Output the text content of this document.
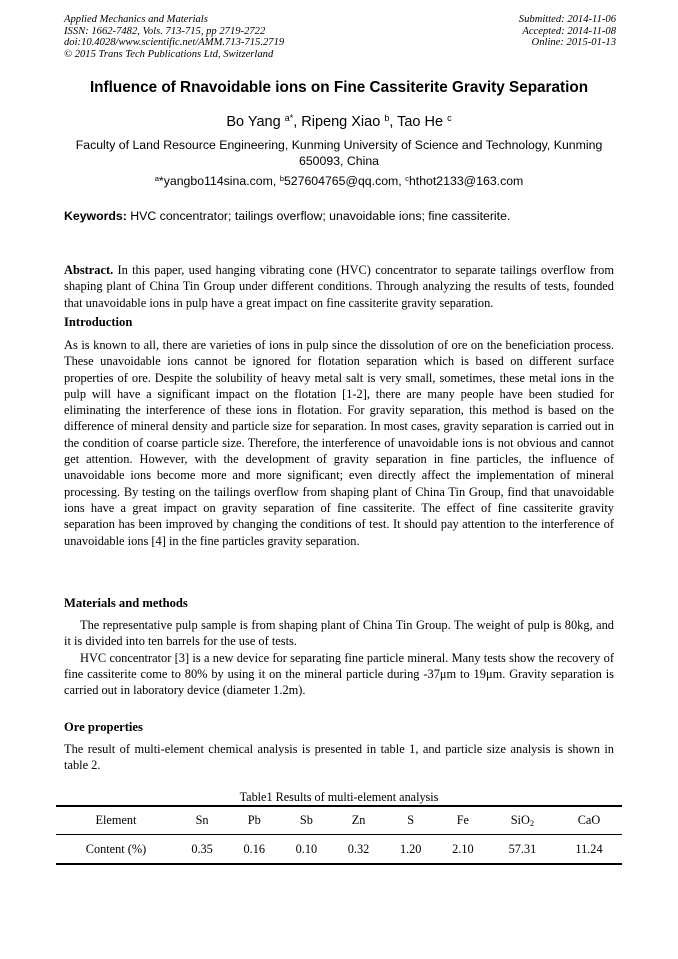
Applied Mechanics and Materials
ISSN: 1662-7482, Vols. 713-715, pp 2719-2722
doi:10.4028/www.scientific.net/AMM.713-715.2719
© 2015 Trans Tech Publications Ltd, Switzerland
Submitted: 2014-11-06
Accepted: 2014-11-08
Online: 2015-01-13
Influence of Rnavoidable ions on Fine Cassiterite Gravity Separation
Bo Yang $^{a*}$, Ripeng Xiao $^b$, Tao He $^c$
Faculty of Land Resource Engineering, Kunming University of Science and Technology, Kunming 650093, China
$^a$*yangbo114sina.com, $^b$527604765@qq.com, $^c$hthot2133@163.com
Keywords: HVC concentrator; tailings overflow; unavoidable ions; fine cassiterite.
Abstract. In this paper, used hanging vibrating cone (HVC) concentrator to separate tailings overflow from shaping plant of China Tin Group under different conditions. Through analyzing the results of tests, founded that unavoidable ions in pulp have a great impact on fine cassiterite gravity separation.
Introduction
As is known to all, there are varieties of ions in pulp since the dissolution of ore on the beneficiation process. These unavoidable ions cannot be ignored for flotation separation which is based on different surface properties of ore. Despite the solubility of heavy metal salt is very small, sometimes, these metal ions in the pulp will have a significant impact on the flotation [1-2], there are many people have been studied for eliminating the interference of these ions in flotation. For gravity separation, this method is based on the difference of mineral density and particle size for separation. In most cases, gravity separation is carried out in the condition of coarse particle size. Therefore, the interference of unavoidable ions is not obvious and cannot get attention. However, with the development of gravity separation in fine particles, the influence of unavoidable ions become more and more significant; even directly affect the implementation of mineral processing. By testing on the tailings overflow from shaping plant of China Tin Group, find that unavoidable ions have a great impact on gravity separation of fine cassiterite. The effect of fine cassiterite gravity separation has been improved by changing the conditions of test. It should pay attention to the interference of unavoidable ions [4] in the fine particles gravity separation.
Materials and methods

The representative pulp sample is from shaping plant of China Tin Group. The weight of pulp is 80kg, and it is divided into ten barrels for the use of tests.

HVC concentrator [3] is a new device for separating fine particle mineral. Many tests show the recovery of fine cassiterite come to 80% by using it on the mineral particle during -37μm to 19μm. Gravity separation is carried out in laboratory device (diameter 1.2m).

Ore properties
The result of multi-element chemical analysis is presented in table 1, and particle size analysis is shown in table 2.
Table1 Results of multi-element analysis
Element	Sn	Pb	Sb	Zn	S	Fe	SiO$_2$	CaO
Content (%)	0.35	0.16	0.10	0.32	1.20	2.10	57.31	11.24
